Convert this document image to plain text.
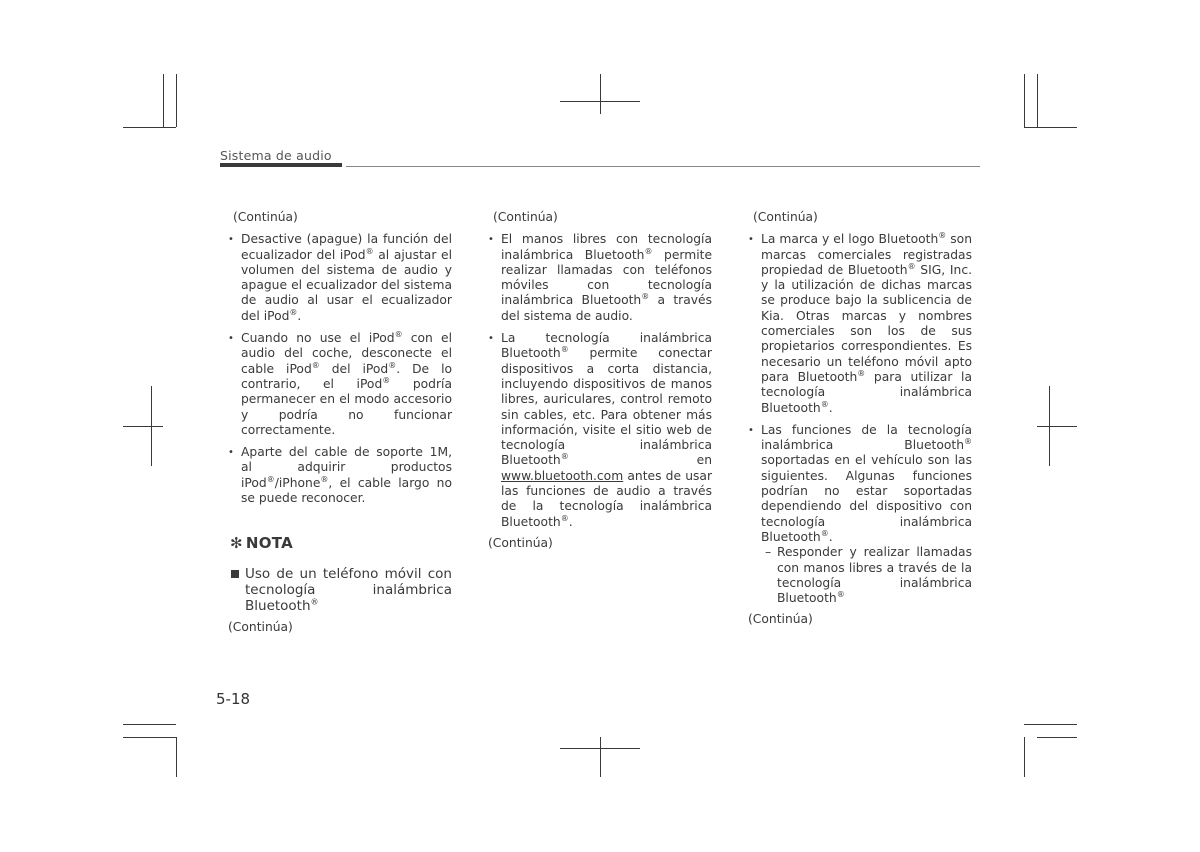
Sistema de audio
(Continúa)
• Desactive (apague) la función del ecualizador del iPod® al ajustar el volumen del sistema de audio y apague el ecualizador del sistema de audio al usar el ecualizador del iPod®.
• Cuando no use el iPod® con el audio del coche, desconecte el cable iPod® del iPod®. De lo contrario, el iPod® podría permanecer en el modo accesorio y podría no funcionar correctamente.
• Aparte del cable de soporte 1M, al adquirir productos iPod®/iPhone®, el cable largo no se puede reconocer.
✻ NOTA
Uso de un teléfono móvil con tecnología inalámbrica Bluetooth®
(Continúa)
(Continúa)
• El manos libres con tecnología inalámbrica Bluetooth® permite realizar llamadas con teléfonos móviles con tecnología inalámbrica Bluetooth® a través del sistema de audio.
• La tecnología inalámbrica Bluetooth® permite conectar dispositivos a corta distancia, incluyendo dispositivos de manos libres, auriculares, control remoto sin cables, etc. Para obtener más información, visite el sitio web de tecnología inalámbrica Bluetooth® en www.bluetooth.com antes de usar las funciones de audio a través de la tecnología inalámbrica Bluetooth®.
(Continúa)
(Continúa)
• La marca y el logo Bluetooth® son marcas comerciales registradas propiedad de Bluetooth® SIG, Inc. y la utilización de dichas marcas se produce bajo la sublicencia de Kia. Otras marcas y nombres comerciales son los de sus propietarios correspondientes. Es necesario un teléfono móvil apto para Bluetooth® para utilizar la tecnología inalámbrica Bluetooth®.
• Las funciones de la tecnología inalámbrica Bluetooth® soportadas en el vehículo son las siguientes. Algunas funciones podrían no estar soportadas dependiendo del dispositivo con tecnología inalámbrica Bluetooth®.
– Responder y realizar llamadas con manos libres a través de la tecnología inalámbrica Bluetooth®
(Continúa)
5-18
